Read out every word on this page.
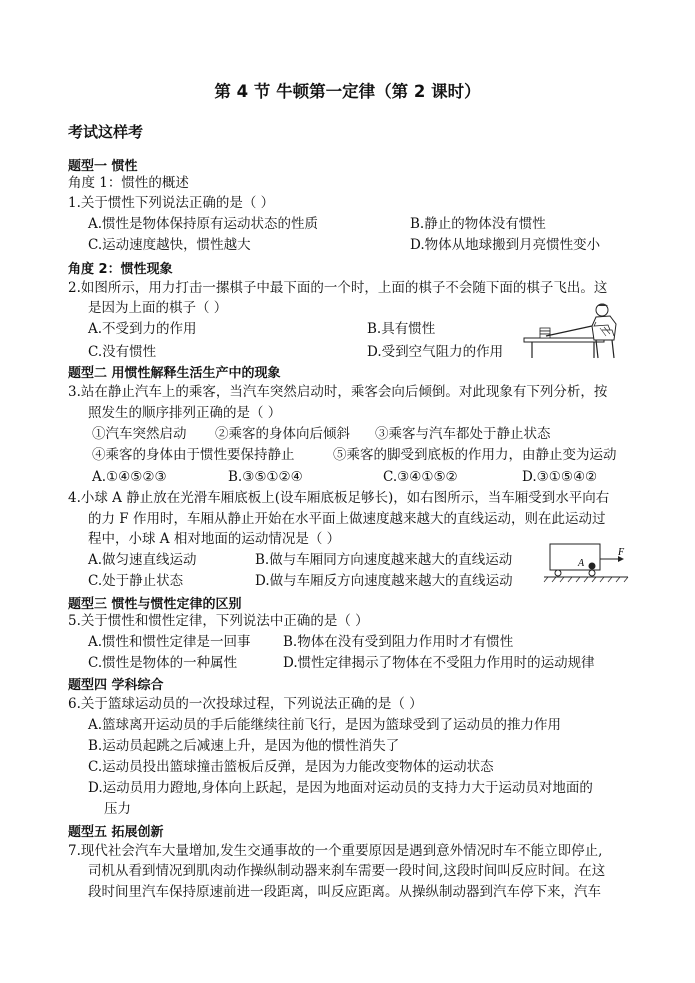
第 4 节 牛顿第一定律（第 2 课时）
考试这样考
题型一 惯性
角度 1：惯性的概述
1.关于惯性下列说法正确的是（ ）
A.惯性是物体保持原有运动状态的性质	B.静止的物体没有惯性
C.运动速度越快，惯性越大	D.物体从地球搬到月亮惯性变小
角度 2：惯性现象
2.如图所示，用力打击一摞棋子中最下面的一个时，上面的棋子不会随下面的棋子飞出。这
是因为上面的棋子（ ）
A.不受到力的作用	B.具有惯性
C.没有惯性	D.受到空气阻力的作用
题型二 用惯性解释生活生产中的现象
3.站在静止汽车上的乘客，当汽车突然启动时，乘客会向后倾倒。对此现象有下列分析，按
照发生的顺序排列正确的是（ ）
①汽车突然启动 ②乘客的身体向后倾斜 ③乘客与汽车都处于静止状态
④乘客的身体由于惯性要保持静止	⑤乘客的脚受到底板的作用力，由静止变为运动
A.①④⑤②③	B.③⑤①②④	C.③④①⑤②	D.③①⑤④②
4.小球 A 静止放在光滑车厢底板上(设车厢底板足够长)，如右图所示，当车厢受到水平向右
的力 F 作用时，车厢从静止开始在水平面上做速度越来越大的直线运动，则在此运动过
程中，小球 A 相对地面的运动情况是（ ）
A.做匀速直线运动	B.做与车厢同方向速度越来越大的直线运动
C.处于静止状态	D.做与车厢反方向速度越来越大的直线运动
A
F
题型三 惯性与惯性定律的区别
5.关于惯性和惯性定律，下列说法中正确的是（ ）
A.惯性和惯性定律是一回事 B.物体在没有受到阻力作用时才有惯性
C.惯性是物体的一种属性	D.惯性定律揭示了物体在不受阻力作用时的运动规律
题型四 学科综合
6.关于篮球运动员的一次投球过程，下列说法正确的是（ ）
A.篮球离开运动员的手后能继续往前飞行，是因为篮球受到了运动员的推力作用
B.运动员起跳之后减速上升，是因为他的惯性消失了
C.运动员投出篮球撞击篮板后反弹，是因为力能改变物体的运动状态
D.运动员用力蹬地,身体向上跃起，是因为地面对运动员的支持力大于运动员对地面的
压力
题型五 拓展创新
7.现代社会汽车大量增加,发生交通事故的一个重要原因是遇到意外情况时车不能立即停止,
司机从看到情况到肌肉动作操纵制动器来刹车需要一段时间,这段时间叫反应时间。在这
段时间里汽车保持原速前进一段距离，叫反应距离。从操纵制动器到汽车停下来，汽车
